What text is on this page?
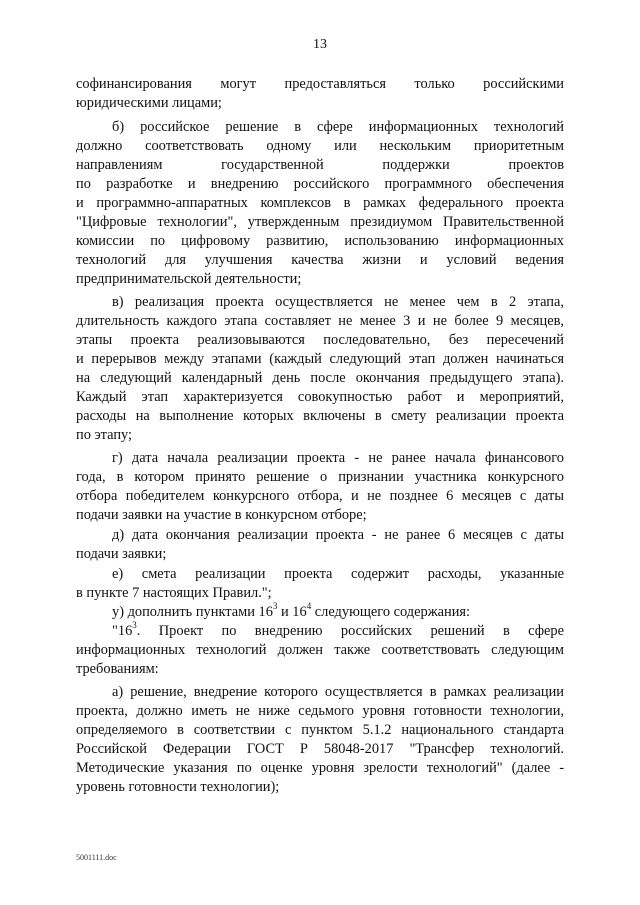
13
софинансирования могут предоставляться только российскими
юридическими лицами;
б) российское решение в сфере информационных технологий
должно соответствовать одному или нескольким приоритетным
направлениям государственной поддержки проектов
по разработке и внедрению российского программного обеспечения
и программно-аппаратных комплексов в рамках федерального проекта
"Цифровые технологии", утвержденным президиумом Правительственной
комиссии по цифровому развитию, использованию информационных
технологий для улучшения качества жизни и условий ведения
предпринимательской деятельности;
в) реализация проекта осуществляется не менее чем в 2 этапа,
длительность каждого этапа составляет не менее 3 и не более 9 месяцев,
этапы проекта реализовываются последовательно, без пересечений
и перерывов между этапами (каждый следующий этап должен начинаться
на следующий календарный день после окончания предыдущего этапа).
Каждый этап характеризуется совокупностью работ и мероприятий,
расходы на выполнение которых включены в смету реализации проекта
по этапу;
г) дата начала реализации проекта - не ранее начала финансового
года, в котором принято решение о признании участника конкурсного
отбора победителем конкурсного отбора, и не позднее 6 месяцев с даты
подачи заявки на участие в конкурсном отборе;
д) дата окончания реализации проекта - не ранее 6 месяцев с даты
подачи заявки;
е) смета реализации проекта содержит расходы, указанные
в пункте 7 настоящих Правил.";
у) дополнить пунктами $16^3$ и $16^4$ следующего содержания:
"$16^3$. Проект по внедрению российских решений в сфере
информационных технологий должен также соответствовать следующим
требованиям:
а) решение, внедрение которого осуществляется в рамках реализации
проекта, должно иметь не ниже седьмого уровня готовности технологии,
определяемого в соответствии с пунктом 5.1.2 национального стандарта
Российской Федерации ГОСТ Р 58048-2017 "Трансфер технологий.
Методические указания по оценке уровня зрелости технологий" (далее -
уровень готовности технологии);
5001111.doc
